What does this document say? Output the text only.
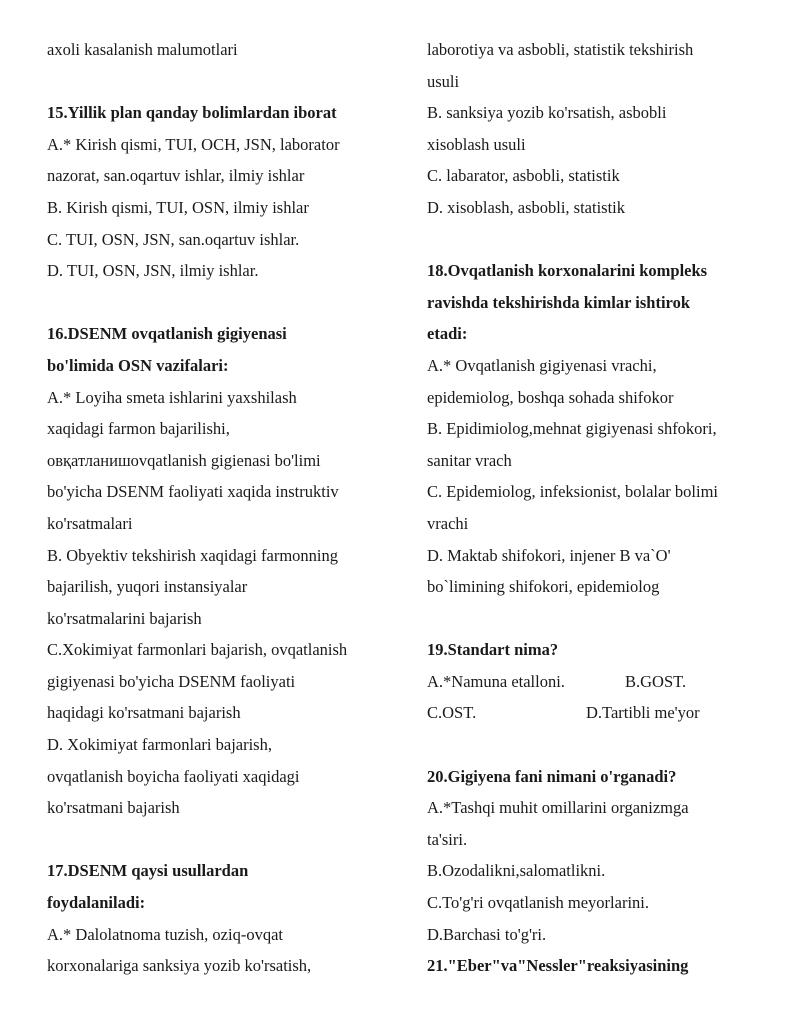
axoli kasalanish malumotlari
15.Yillik plan qanday bolimlardan iborat
A.* Kirish qismi, TUI, OCH, JSN, laborator
nazorat, san.oqartuv ishlar, ilmiy ishlar
B. Kirish qismi, TUI, OSN, ilmiy ishlar
C. TUI, OSN, JSN, san.oqartuv ishlar.
D. TUI, OSN, JSN, ilmiy ishlar.
16.DSENM ovqatlanish gigiyenasi
bo'limida OSN vazifalari:
A.* Loyiha smeta ishlarini yaxshilash
xaqidagi farmon bajarilishi,
овқатланишovqatlanish gigienasi bo'limi
bo'yicha DSENM faoliyati xaqida instruktiv
ko'rsatmalari
B. Obyektiv tekshirish xaqidagi farmonning
bajarilish, yuqori instansiyalar
ko'rsatmalarini bajarish
C.Xokimiyat farmonlari bajarish, ovqatlanish
gigiyenasi bo'yicha DSENM faoliyati
haqidagi ko'rsatmani bajarish
D. Xokimiyat farmonlari bajarish,
ovqatlanish boyicha faoliyati xaqidagi
ko'rsatmani bajarish
17.DSENM qaysi usullardan
foydalaniladi:
A.* Dalolatnoma tuzish, oziq-ovqat
korxonalariga sanksiya yozib ko'rsatish,
laborotiya va asbobli, statistik tekshirish
usuli
B. sanksiya yozib ko'rsatish, asbobli
xisoblash usuli
C. labarator, asbobli, statistik
D. xisoblash, asbobli, statistik
18.Ovqatlanish korxonalarini kompleks
ravishda tekshirishda kimlar ishtirok
etadi:
A.* Ovqatlanish gigiyenasi vrachi,
epidemiolog, boshqa sohada shifokor
B. Epidimiolog,mehnat gigiyenasi shfokori,
sanitar vrach
C. Epidemiolog, infeksionist, bolalar bolimi
vrachi
D. Maktab shifokori, injener B va`O'
bo`limining shifokori, epidemiolog
19.Standart nima?
A.*Namuna etalloni.	B.GOST.
C.OST.	D.Tartibli me'yor
20.Gigiyena fani nimani o'rganadi?
A.*Tashqi muhit omillarini organizmga
ta'siri.
B.Ozodalikni,salomatlikni.
C.To'g'ri ovqatlanish meyorlarini.
D.Barchasi to'g'ri.
21."Eber"va"Nessler"reaksiyasining
